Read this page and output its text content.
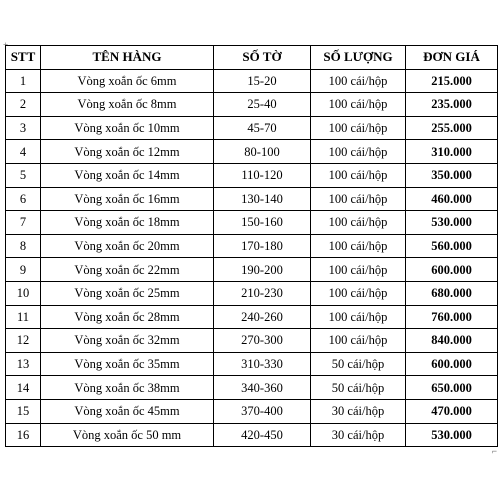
+
STT	TÊN HÀNG	SỐ TỜ	SỐ LƯỢNG	ĐƠN GIÁ
1	Vòng xoắn ốc 6mm	15-20	100 cái/hộp	215.000
2	Vòng xoắn ốc 8mm	25-40	100 cái/hộp	235.000
3	Vòng xoắn ốc 10mm	45-70	100 cái/hộp	255.000
4	Vòng xoắn ốc 12mm	80-100	100 cái/hộp	310.000
5	Vòng xoắn ốc 14mm	110-120	100 cái/hộp	350.000
6	Vòng xoắn ốc 16mm	130-140	100 cái/hộp	460.000
7	Vòng xoắn ốc 18mm	150-160	100 cái/hộp	530.000
8	Vòng xoắn ốc 20mm	170-180	100 cái/hộp	560.000
9	Vòng xoắn ốc 22mm	190-200	100 cái/hộp	600.000
10	Vòng xoắn ốc 25mm	210-230	100 cái/hộp	680.000
11	Vòng xoắn ốc 28mm	240-260	100 cái/hộp	760.000
12	Vòng xoắn ốc 32mm	270-300	100 cái/hộp	840.000
13	Vòng xoắn ốc 35mm	310-330	50 cái/hộp	600.000
14	Vòng xoắn ốc 38mm	340-360	50 cái/hộp	650.000
15	Vòng xoắn ốc 45mm	370-400	30 cái/hộp	470.000
16	Vòng xoắn ốc 50 mm	420-450	30 cái/hộp	530.000
⌐
